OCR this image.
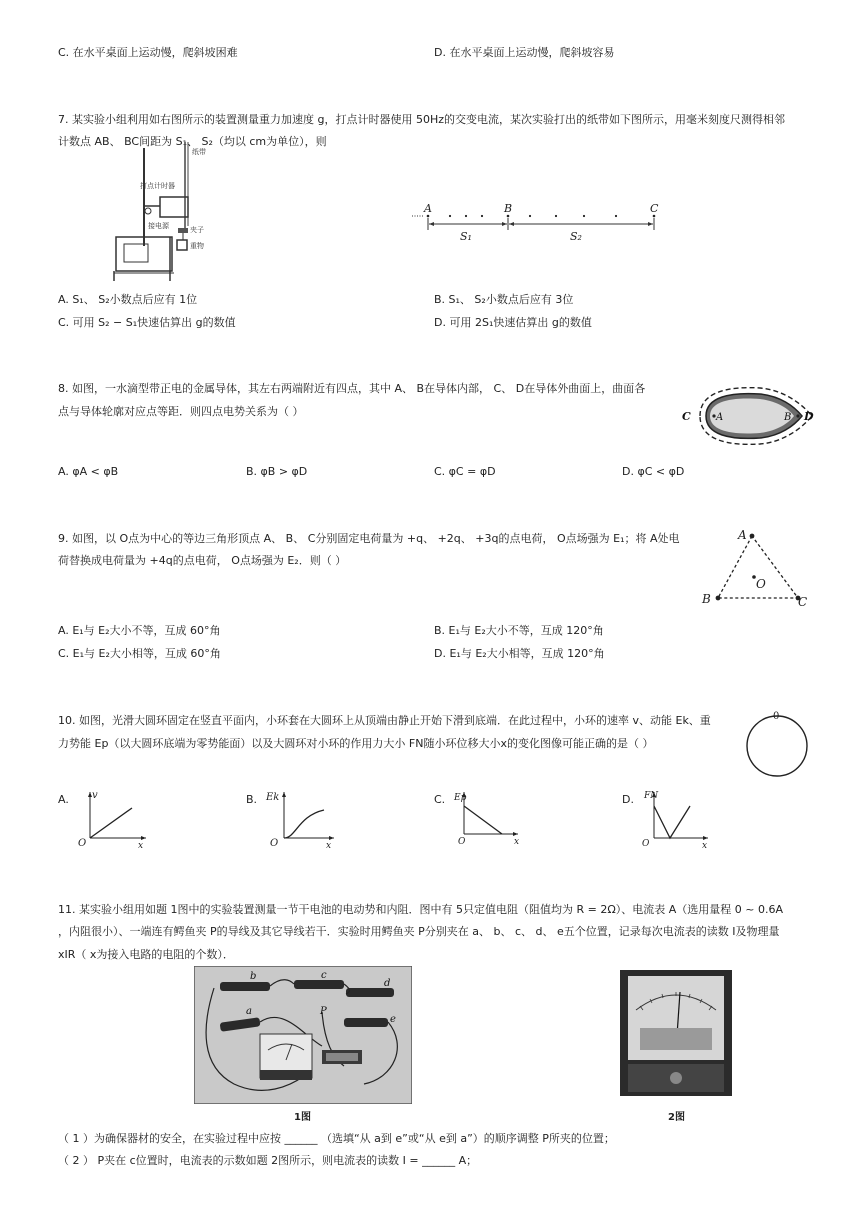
C. 在水平桌面上运动慢，爬斜坡困难	D. 在水平桌面上运动慢，爬斜坡容易
7. 某实验小组利用如右图所示的装置测量重力加速度 g，打点计时器使用 50Hz的交变电流，某次实验打出的纸带如下图所示，用毫米刻度尺测得相邻
计数点 AB、 BC间距为 S₁、 S₂（均以 cm为单位），则
打点计时器
纸带
夹子
重物
接电源
A	B	C
S₁	S₂
A. S₁、 S₂小数点后应有 1位	B. S₁、 S₂小数点后应有 3位
C. 可用 S₂ − S₁快速估算出 g的数值	D. 可用 2S₁快速估算出 g的数值
8. 如图，一水滴型带正电的金属导体，其左右两端附近有四点，其中 A、 B在导体内部， C、 D在导体外曲面上，曲面各
点与导体轮廓对应点等距．则四点电势关系为（ ）	C	A	B D
A. φA < φB	B. φB > φD	C. φC = φD	D. φC < φD
9. 如图，以 O点为中心的等边三角形顶点 A、 B、 C分别固定电荷量为 +q、 +2q、 +3q的点电荷， O点场强为 E₁；将 A处电
荷替换成电荷量为 +4q的点电荷， O点场强为 E₂．则（ ）
A
B	C
O
A. E₁与 E₂大小不等，互成 60°角	B. E₁与 E₂大小不等，互成 120°角
C. E₁与 E₂大小相等，互成 60°角	D. E₁与 E₂大小相等，互成 120°角
10. 如图，光滑大圆环固定在竖直平面内，小环套在大圆环上从顶端由静止开始下滑到底端．在此过程中，小环的速率 v、动能 Ek、重
力势能 Ep（以大圆环底端为零势能面）以及大圆环对小环的作用力大小 FN随小环位移大小x的变化图像可能正确的是（ ）
0
A. v
O	x
B. Ek
O	x
C. Ep
O	x
D. FN
O	x
11. 某实验小组用如题 1图中的实验装置测量一节干电池的电动势和内阻．图中有 5只定值电阻（阻值均为 R = 2Ω）、电流表 A（选用量程 0 ~ 0.6A
，内阻很小）、一端连有鳄鱼夹 P的导线及其它导线若干．实验时用鳄鱼夹 P分别夹在 a、 b、 c、 d、 e五个位置，记录每次电流表的读数 I及物理量
xIR（ x为接入电路的电阻的个数）．
b	c
d
a
e
P
1图	2图
（ 1 ）为确保器材的安全，在实验过程中应按 ______ （选填“从 a到 e”或“从 e到 a”）的顺序调整 P所夹的位置；
（ 2 ） P夹在 c位置时，电流表的示数如题 2图所示，则电流表的读数 I = ______ A；
